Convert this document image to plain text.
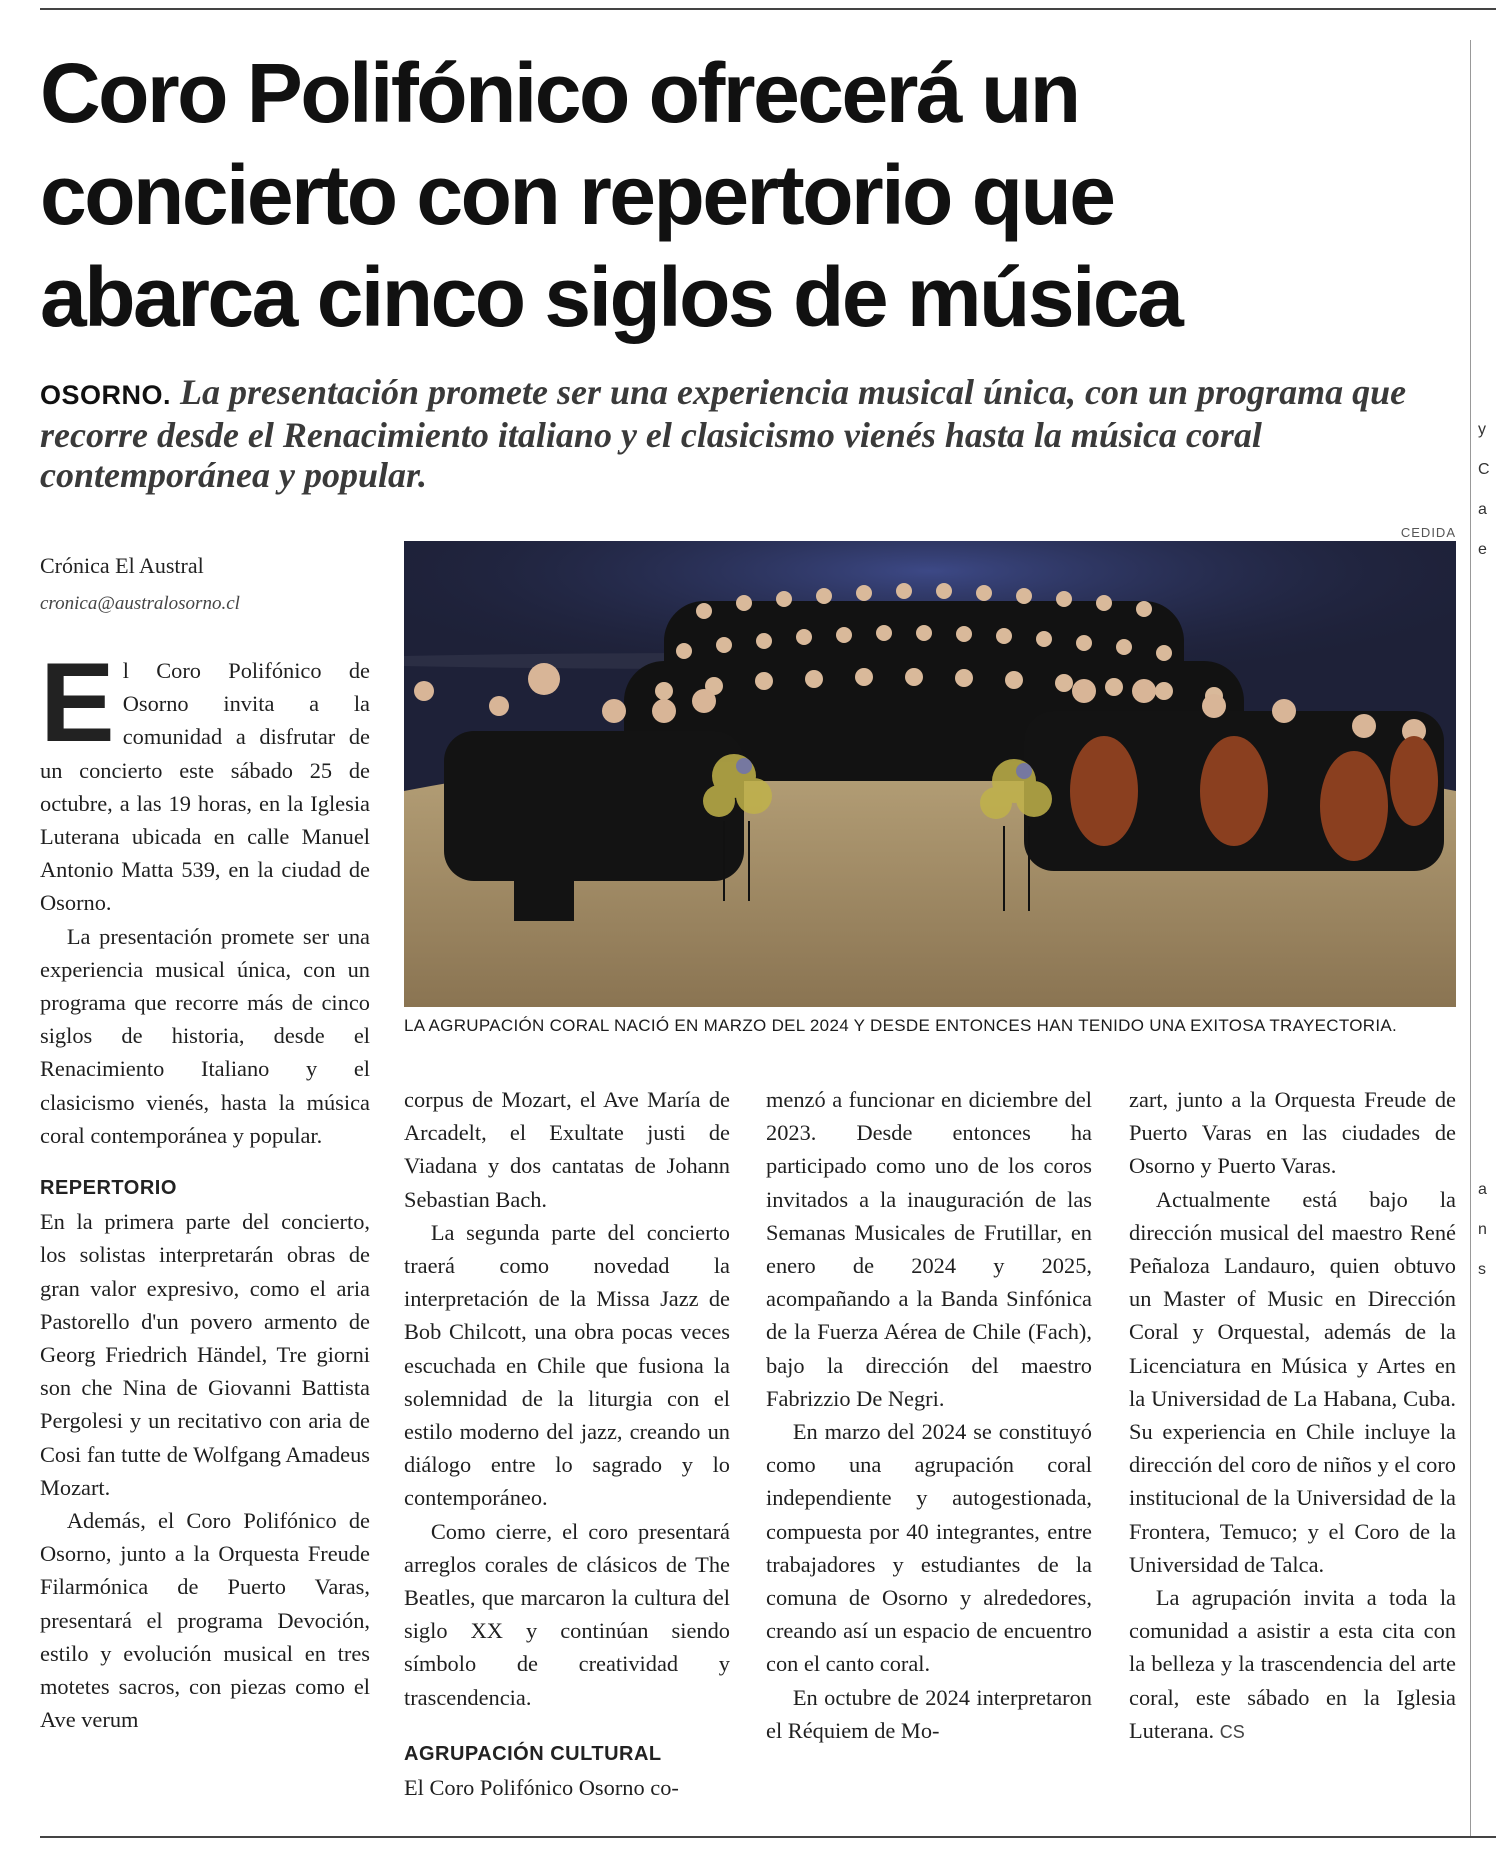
y
C
a
e
a
n
s
Coro Polifónico ofrecerá un concierto con repertorio que abarca cinco siglos de música
OSORNO. La presentación promete ser una experiencia musical única, con un programa que recorre desde el Renacimiento italiano y el clasicismo vienés hasta la música coral contemporánea y popular.
Crónica El Austral
cronica@australosorno.cl
CEDIDA
LA AGRUPACIÓN CORAL NACIÓ EN MARZO DEL 2024 Y DESDE ENTONCES HAN TENIDO UNA EXITOSA TRAYECTORIA.

El Coro Polifónico de Osorno invita a la comunidad a disfrutar de un concierto este sábado 25 de octubre, a las 19 horas, en la Iglesia Luterana ubicada en calle Manuel Antonio Matta 539, en la ciudad de Osorno.

La presentación promete ser una experiencia musical única, con un programa que recorre más de cinco siglos de historia, desde el Renacimiento Italiano y el clasicismo vienés, hasta la música coral contemporánea y popular.

REPERTORIO

En la primera parte del concierto, los solistas interpretarán obras de gran valor expresivo, como el aria Pastorello d'un povero armento de Georg Friedrich Händel, Tre giorni son che Nina de Giovanni Battista Pergolesi y un recitativo con aria de Cosi fan tutte de Wolfgang Amadeus Mozart.

Además, el Coro Polifónico de Osorno, junto a la Orquesta Freude Filarmónica de Puerto Varas, presentará el programa Devoción, estilo y evolución musical en tres motetes sacros, con piezas como el Ave verum

corpus de Mozart, el Ave María de Arcadelt, el Exultate justi de Viadana y dos cantatas de Johann Sebastian Bach.

La segunda parte del concierto traerá como novedad la interpretación de la Missa Jazz de Bob Chilcott, una obra pocas veces escuchada en Chile que fusiona la solemnidad de la liturgia con el estilo moderno del jazz, creando un diálogo entre lo sagrado y lo contemporáneo.

Como cierre, el coro presentará arreglos corales de clásicos de The Beatles, que marcaron la cultura del siglo XX y continúan siendo símbolo de creatividad y trascendencia.

AGRUPACIÓN CULTURAL

El Coro Polifónico Osorno co-

menzó a funcionar en diciembre del 2023. Desde entonces ha participado como uno de los coros invitados a la inauguración de las Semanas Musicales de Frutillar, en enero de 2024 y 2025, acompañando a la Banda Sinfónica de la Fuerza Aérea de Chile (Fach), bajo la dirección del maestro Fabrizzio De Negri.

En marzo del 2024 se constituyó como una agrupación coral independiente y autogestionada, compuesta por 40 integrantes, entre trabajadores y estudiantes de la comuna de Osorno y alrededores, creando así un espacio de encuentro con el canto coral.

En octubre de 2024 interpretaron el Réquiem de Mo-

zart, junto a la Orquesta Freude de Puerto Varas en las ciudades de Osorno y Puerto Varas.

Actualmente está bajo la dirección musical del maestro René Peñaloza Landauro, quien obtuvo un Master of Music en Dirección Coral y Orquestal, además de la Licenciatura en Música y Artes en la Universidad de La Habana, Cuba. Su experiencia en Chile incluye la dirección del coro de niños y el coro institucional de la Universidad de la Frontera, Temuco; y el Coro de la Universidad de Talca.

La agrupación invita a toda la comunidad a asistir a esta cita con la belleza y la trascendencia del arte coral, este sábado en la Iglesia Luterana. CS
